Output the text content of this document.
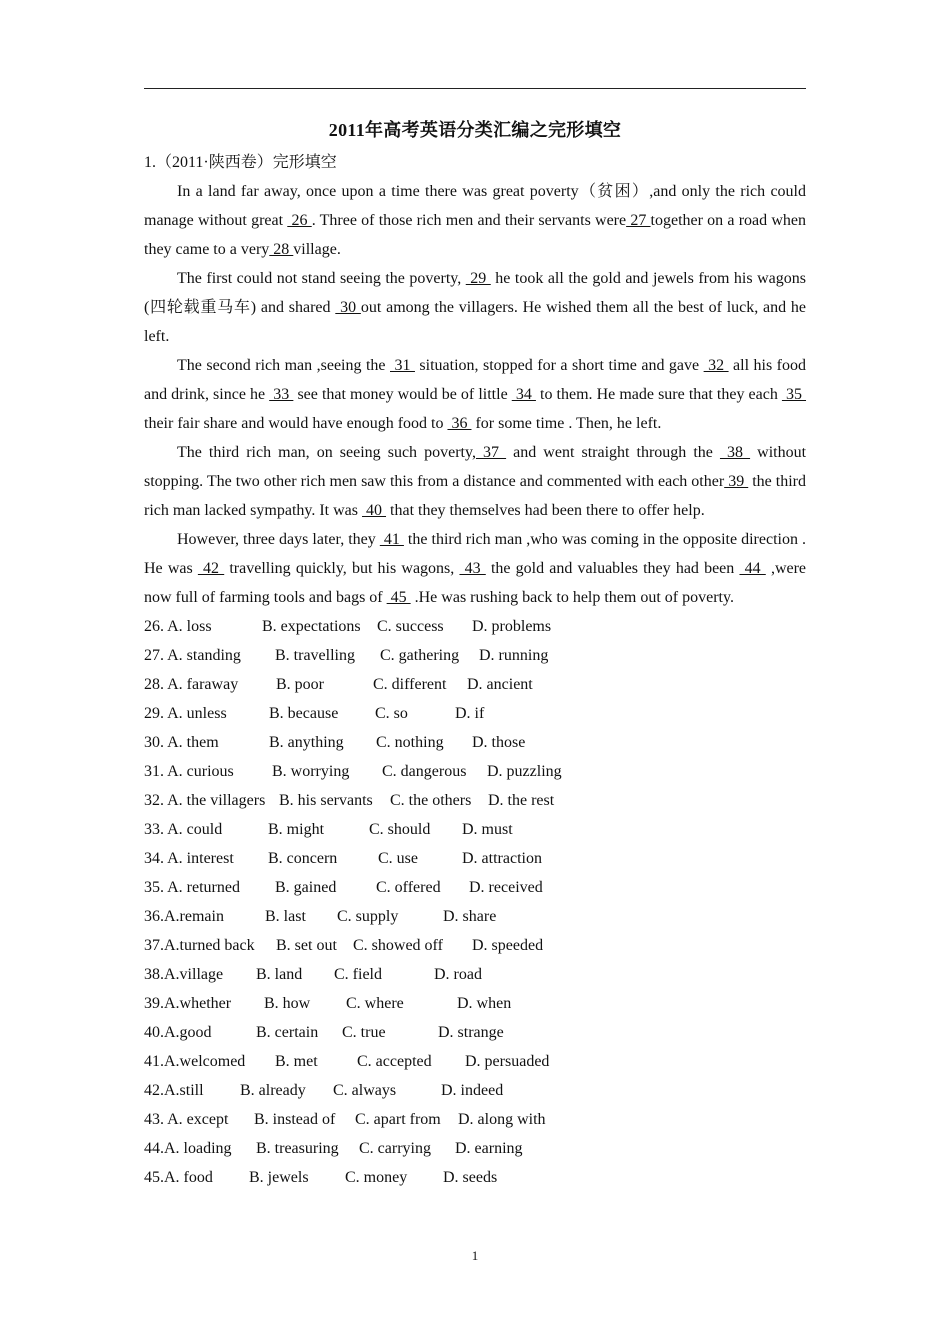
2011年高考英语分类汇编之完形填空

1.（2011·陕西卷）完形填空

In a land far away, once upon a time there was great poverty（贫困）,and only the rich could manage without great  26 . Three of those rich men and their servants were 27 together on a road when they came to a very 28 village.

The first could not stand seeing the poverty,  29  he took all the gold and jewels from his wagons (四轮载重马车) and shared  30 out among the villagers. He wished them all the best of luck, and he left.

The second rich man ,seeing the  31  situation, stopped for a short time and gave  32  all his food and drink, since he  33  see that money would be of little  34  to them. He made sure that they each  35  their fair share and would have enough food to  36  for some time . Then, he left.

The third rich man, on seeing such poverty, 37  and went straight through the  38  without stopping. The two other rich men saw this from a distance and commented with each other 39  the third rich man lacked sympathy. It was  40  that they themselves had been there to offer help.

However, three days later, they  41  the third rich man ,who was coming in the opposite direction . He was  42  travelling quickly, but his wagons,  43  the gold and valuables they had been  44  ,were now full of farming tools and bags of  45  .He was rushing back to help them out of poverty.

26. A. loss	B. expectations C. success D. problems
27. A. standing B. travelling C. gathering D. running
28. A. faraway B. poor	C. different D. ancient
29. A. unless	B. because C. so	D. if
30. A. them	B. anything C. nothing D. those
31. A. curious B. worrying C. dangerous D. puzzling
32. A. the villagers B. his servants C. the others D. the rest
33. A. could	B. might	C. should D. must
34. A. interest B. concern	C. use	D. attraction
35. A. returned B. gained C. offered D. received
36.A.remain	B. last C. supply	D. share
37.A.turned back B. set out C. showed off D. speeded
38.A.village B. land C. field	D. road
39.A.whether B. how C. where	D. when
40.A.good	B. certain C. true	D. strange
41.A.welcomed B. met C. accepted D. persuaded
42.A.still B. already C. always	D. indeed
43. A. except B. instead of C. apart from D. along with
44.A. loading B. treasuring C. carrying D. earning
45.A. food B. jewels C. money D. seeds
1
